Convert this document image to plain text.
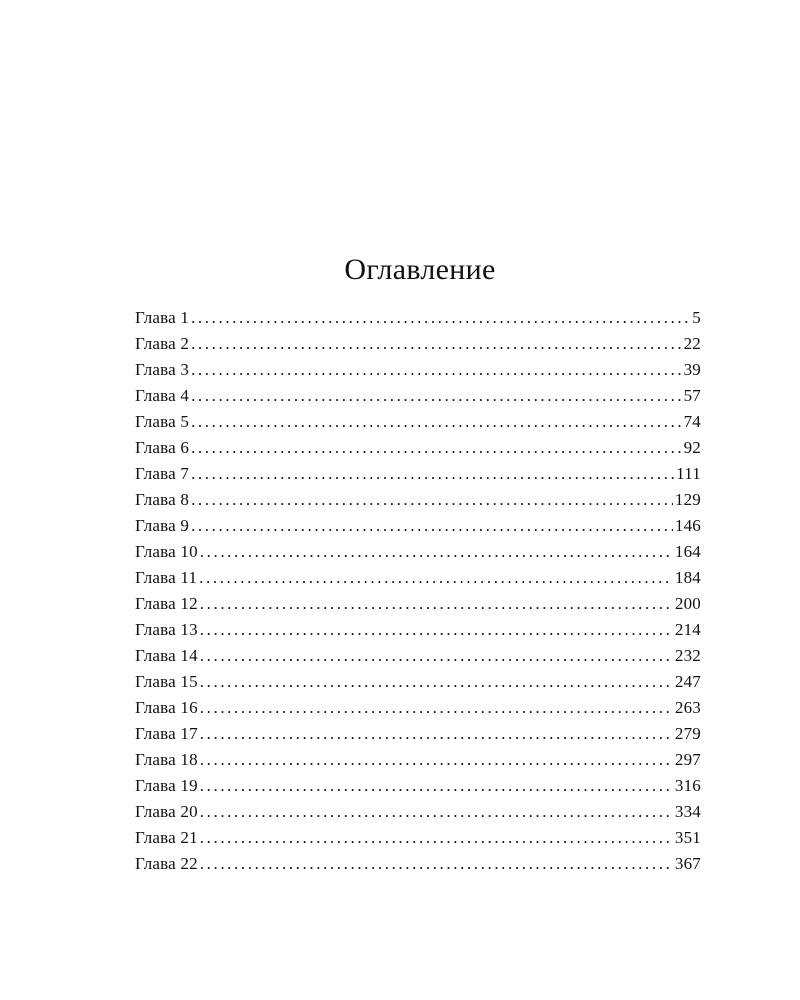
Оглавление
Глава 1 .....	5
Глава 2 .....	22
Глава 3 .....	39
Глава 4 .....	57
Глава 5 .....	74
Глава 6 .....	92
Глава 7 .....	111
Глава 8 .....	129
Глава 9 .....	146
Глава 10 .....	164
Глава 11 .....	184
Глава 12 .....	200
Глава 13 .....	214
Глава 14 .....	232
Глава 15 .....	247
Глава 16 .....	263
Глава 17 .....	279
Глава 18 .....	297
Глава 19 .....	316
Глава 20 .....	334
Глава 21 .....	351
Глава 22 .....	367
